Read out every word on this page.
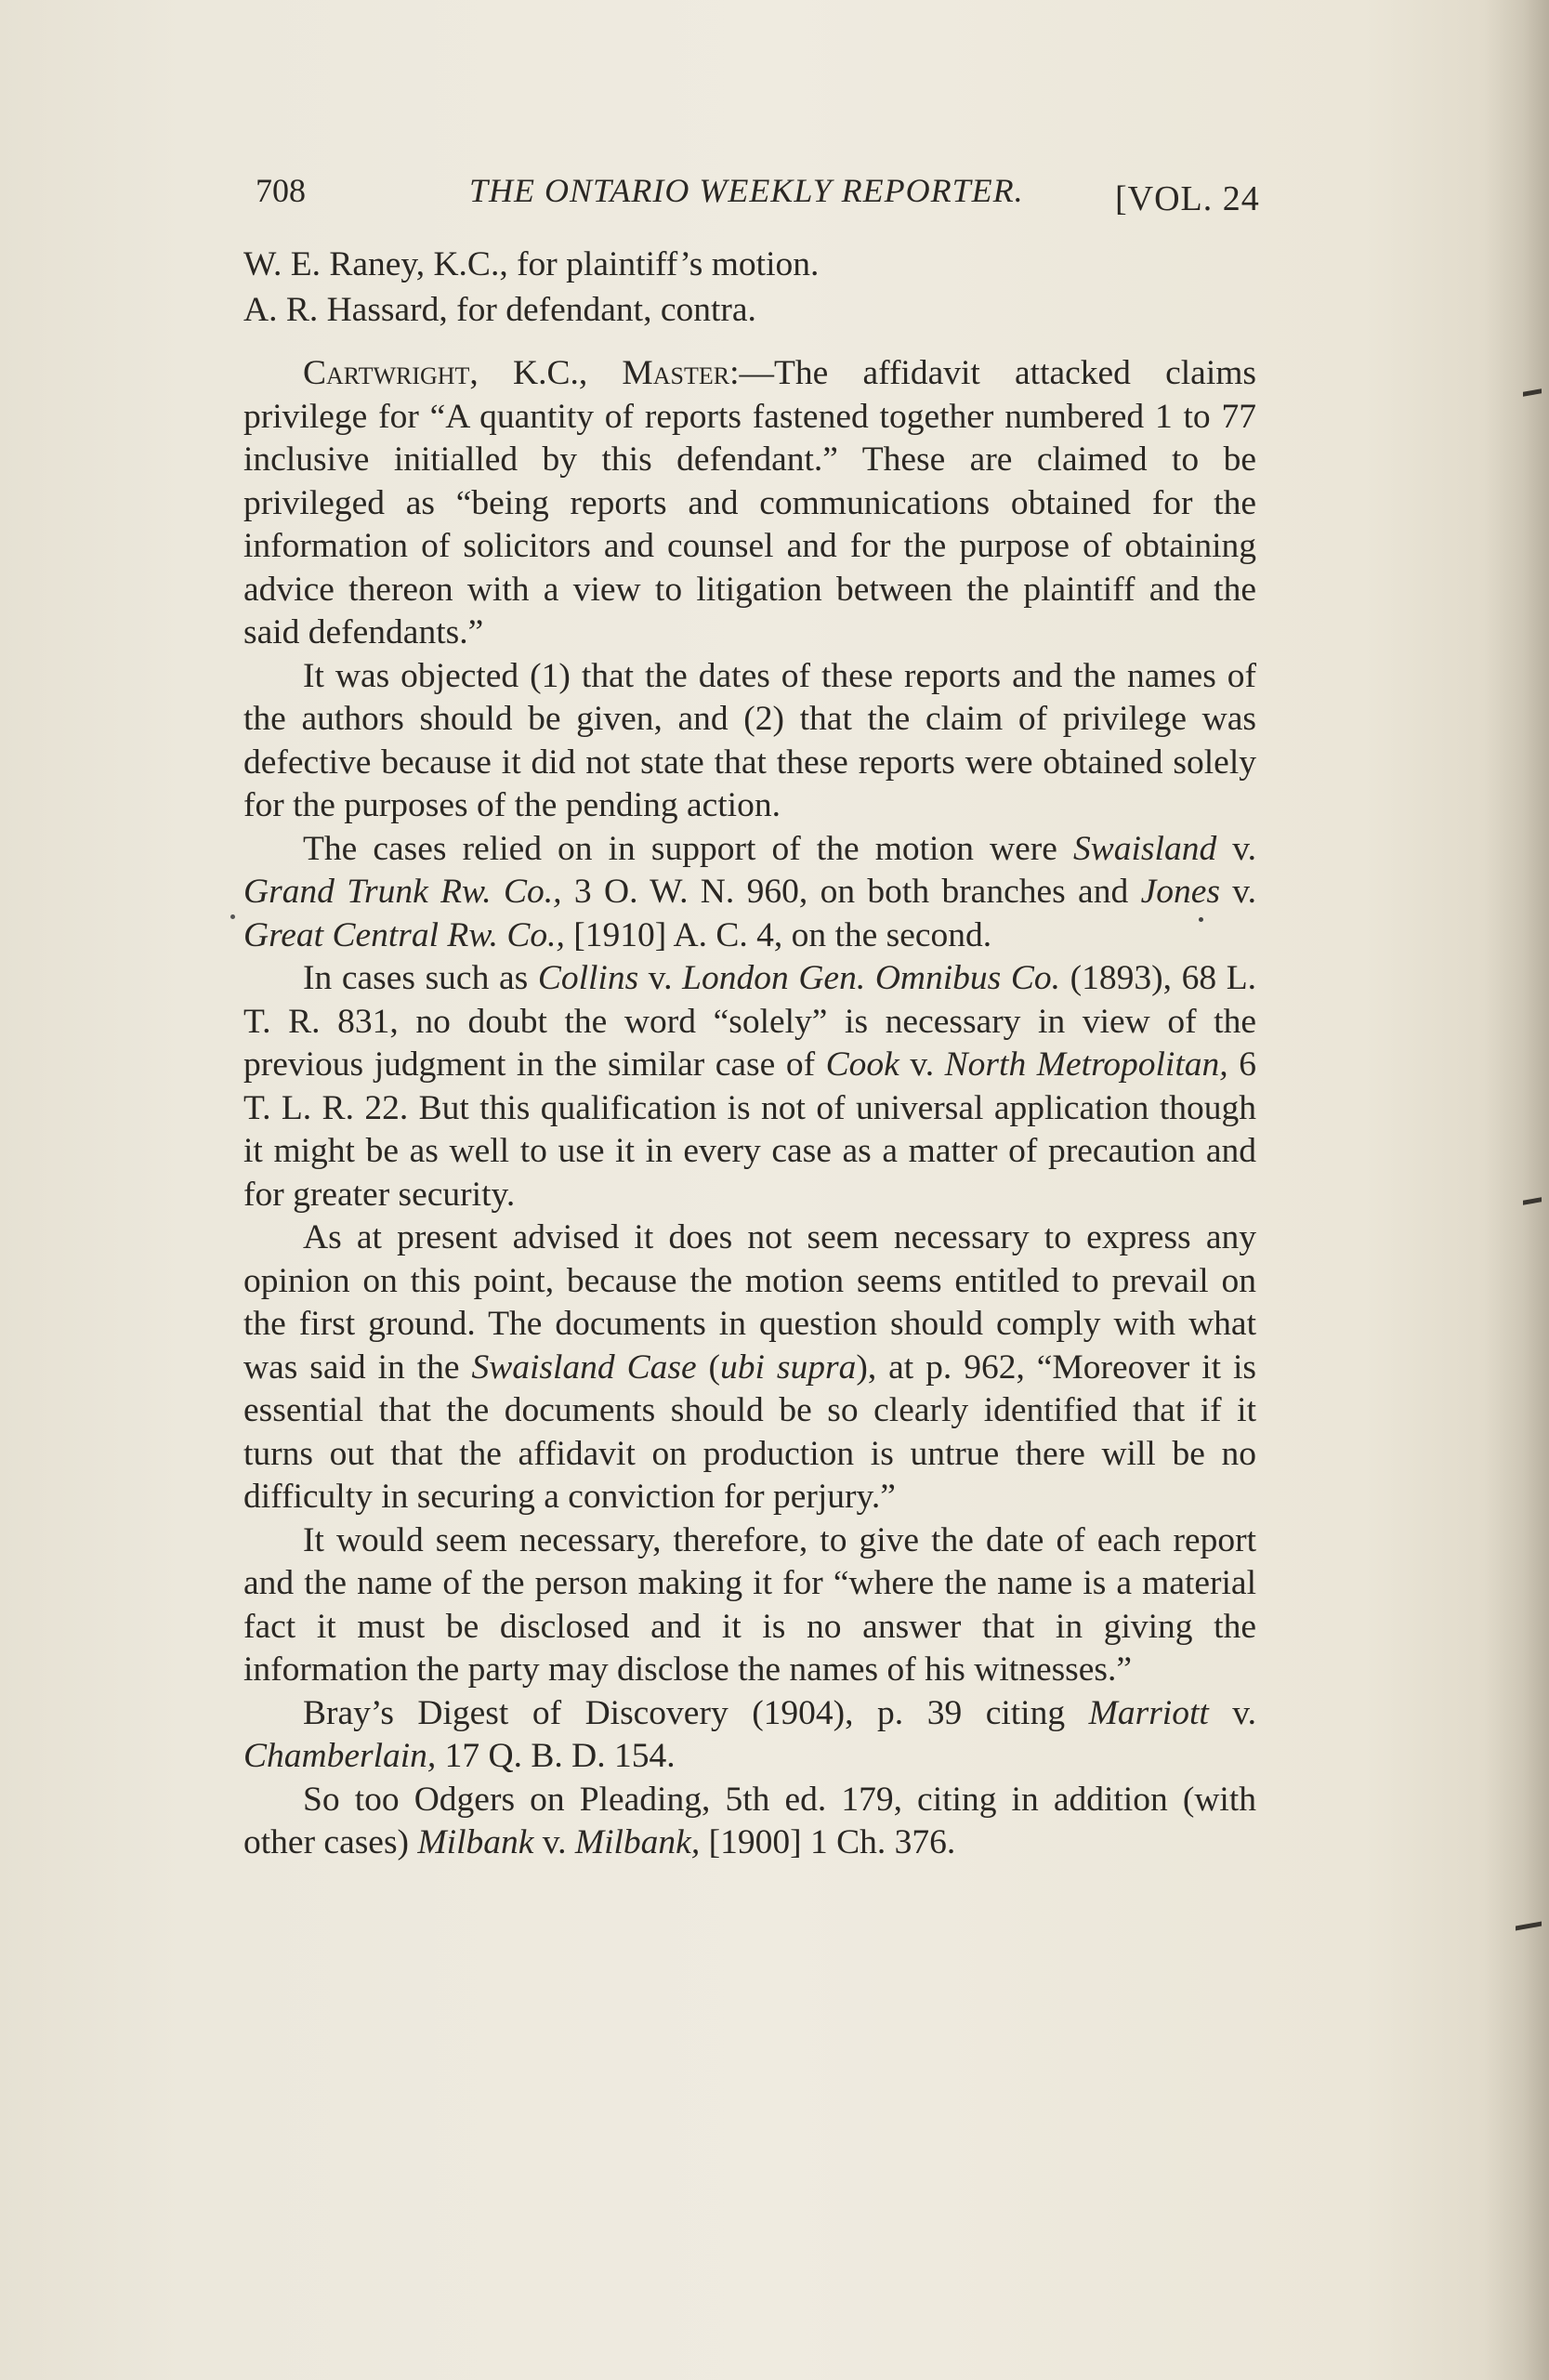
708	THE ONTARIO WEEKLY REPORTER.	[VOL. 24

W. E. Raney, K.C., for plaintiff’s motion.

A. R. Hassard, for defendant, contra.

Cartwright, K.C., Master:—The affidavit attacked claims privilege for “A quantity of reports fastened together numbered 1 to 77 inclusive initialled by this defendant.” These are claimed to be privileged as “being reports and communications obtained for the information of solicitors and counsel and for the purpose of obtaining advice thereon with a view to litigation between the plaintiff and the said defendants.”

It was objected (1) that the dates of these reports and the names of the authors should be given, and (2) that the claim of privilege was defective because it did not state that these reports were obtained solely for the purposes of the pending action.

The cases relied on in support of the motion were Swaisland v. Grand Trunk Rw. Co., 3 O. W. N. 960, on both branches and Jones v. Great Central Rw. Co., [1910] A. C. 4, on the second.

In cases such as Collins v. London Gen. Omnibus Co. (1893), 68 L. T. R. 831, no doubt the word “solely” is necessary in view of the previous judgment in the similar case of Cook v. North Metropolitan, 6 T. L. R. 22. But this qualification is not of universal application though it might be as well to use it in every case as a matter of precaution and for greater security.

As at present advised it does not seem necessary to express any opinion on this point, because the motion seems entitled to prevail on the first ground. The documents in question should comply with what was said in the Swaisland Case (ubi supra), at p. 962, “Moreover it is essential that the documents should be so clearly identified that if it turns out that the affidavit on production is untrue there will be no difficulty in securing a conviction for perjury.”

It would seem necessary, therefore, to give the date of each report and the name of the person making it for “where the name is a material fact it must be disclosed and it is no answer that in giving the information the party may disclose the names of his witnesses.”

Bray’s Digest of Discovery (1904), p. 39 citing Marriott v. Chamberlain, 17 Q. B. D. 154.

So too Odgers on Pleading, 5th ed. 179, citing in addition (with other cases) Milbank v. Milbank, [1900] 1 Ch. 376.
